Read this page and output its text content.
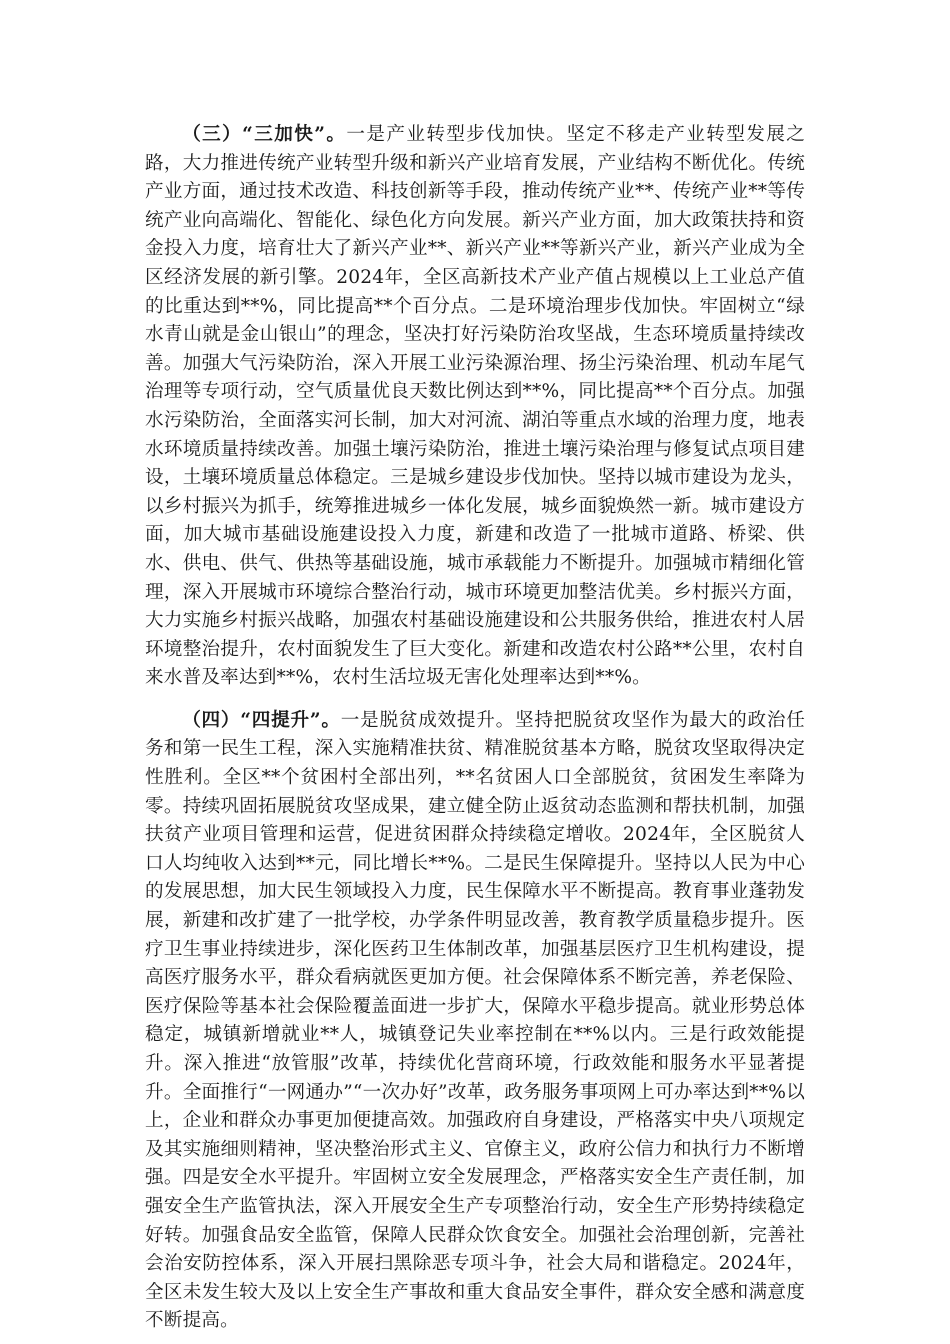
（三）“三加快”。一是产业转型步伐加快。坚定不移走产业转型发展之路，大力推进传统产业转型升级和新兴产业培育发展，产业结构不断优化。传统产业方面，通过技术改造、科技创新等手段，推动传统产业**、传统产业**等传统产业向高端化、智能化、绿色化方向发展。新兴产业方面，加大政策扶持和资金投入力度，培育壮大了新兴产业**、新兴产业**等新兴产业，新兴产业成为全区经济发展的新引擎。2024年，全区高新技术产业产值占规模以上工业总产值的比重达到**%，同比提高**个百分点。二是环境治理步伐加快。牢固树立“绿水青山就是金山银山”的理念，坚决打好污染防治攻坚战，生态环境质量持续改善。加强大气污染防治，深入开展工业污染源治理、扬尘污染治理、机动车尾气治理等专项行动，空气质量优良天数比例达到**%，同比提高**个百分点。加强水污染防治，全面落实河长制，加大对河流、湖泊等重点水域的治理力度，地表水环境质量持续改善。加强土壤污染防治，推进土壤污染治理与修复试点项目建设，土壤环境质量总体稳定。三是城乡建设步伐加快。坚持以城市建设为龙头，以乡村振兴为抓手，统筹推进城乡一体化发展，城乡面貌焕然一新。城市建设方面，加大城市基础设施建设投入力度，新建和改造了一批城市道路、桥梁、供水、供电、供气、供热等基础设施，城市承载能力不断提升。加强城市精细化管理，深入开展城市环境综合整治行动，城市环境更加整洁优美。乡村振兴方面，大力实施乡村振兴战略，加强农村基础设施建设和公共服务供给，推进农村人居环境整治提升，农村面貌发生了巨大变化。新建和改造农村公路**公里，农村自来水普及率达到**%，农村生活垃圾无害化处理率达到**%。

（四）“四提升”。一是脱贫成效提升。坚持把脱贫攻坚作为最大的政治任务和第一民生工程，深入实施精准扶贫、精准脱贫基本方略，脱贫攻坚取得决定性胜利。全区**个贫困村全部出列，**名贫困人口全部脱贫，贫困发生率降为零。持续巩固拓展脱贫攻坚成果，建立健全防止返贫动态监测和帮扶机制，加强扶贫产业项目管理和运营，促进贫困群众持续稳定增收。2024年，全区脱贫人口人均纯收入达到**元，同比增长**%。二是民生保障提升。坚持以人民为中心的发展思想，加大民生领域投入力度，民生保障水平不断提高。教育事业蓬勃发展，新建和改扩建了一批学校，办学条件明显改善，教育教学质量稳步提升。医疗卫生事业持续进步，深化医药卫生体制改革，加强基层医疗卫生机构建设，提高医疗服务水平，群众看病就医更加方便。社会保障体系不断完善，养老保险、医疗保险等基本社会保险覆盖面进一步扩大，保障水平稳步提高。就业形势总体稳定，城镇新增就业**人，城镇登记失业率控制在**%以内。三是行政效能提升。深入推进“放管服”改革，持续优化营商环境，行政效能和服务水平显著提升。全面推行“一网通办”“一次办好”改革，政务服务事项网上可办率达到**%以上，企业和群众办事更加便捷高效。加强政府自身建设，严格落实中央八项规定及其实施细则精神，坚决整治形式主义、官僚主义，政府公信力和执行力不断增强。四是安全水平提升。牢固树立安全发展理念，严格落实安全生产责任制，加强安全生产监管执法，深入开展安全生产专项整治行动，安全生产形势持续稳定好转。加强食品安全监管，保障人民群众饮食安全。加强社会治理创新，完善社会治安防控体系，深入开展扫黑除恶专项斗争，社会大局和谐稳定。2024年，全区未发生较大及以上安全生产事故和重大食品安全事件，群众安全感和满意度不断提高。
